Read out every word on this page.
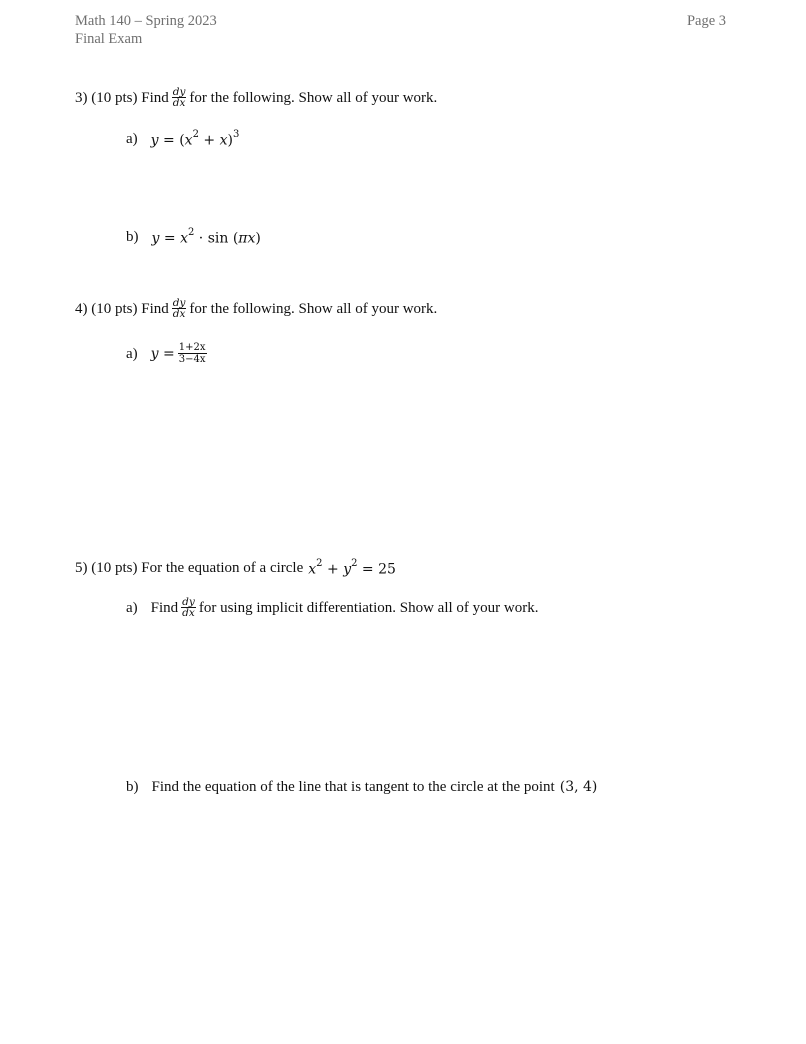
Math 140 – Spring 2023
Final Exam
Page 3
3) (10 pts) Find $\frac{dy}{dx}$ for the following. Show all of your work.
a) $y = (x^2 + x)^3$
b) $y = x^2 \cdot \sin (\pi x)$
4) (10 pts) Find $\frac{dy}{dx}$ for the following. Show all of your work.
a) $y = \frac{1+2x}{3-4x}$
5) (10 pts) For the equation of a circle $x^2 + y^2 = 25$
a) Find $\frac{dy}{dx}$ for using implicit differentiation. Show all of your work.
b) Find the equation of the line that is tangent to the circle at the point (3, 4)
